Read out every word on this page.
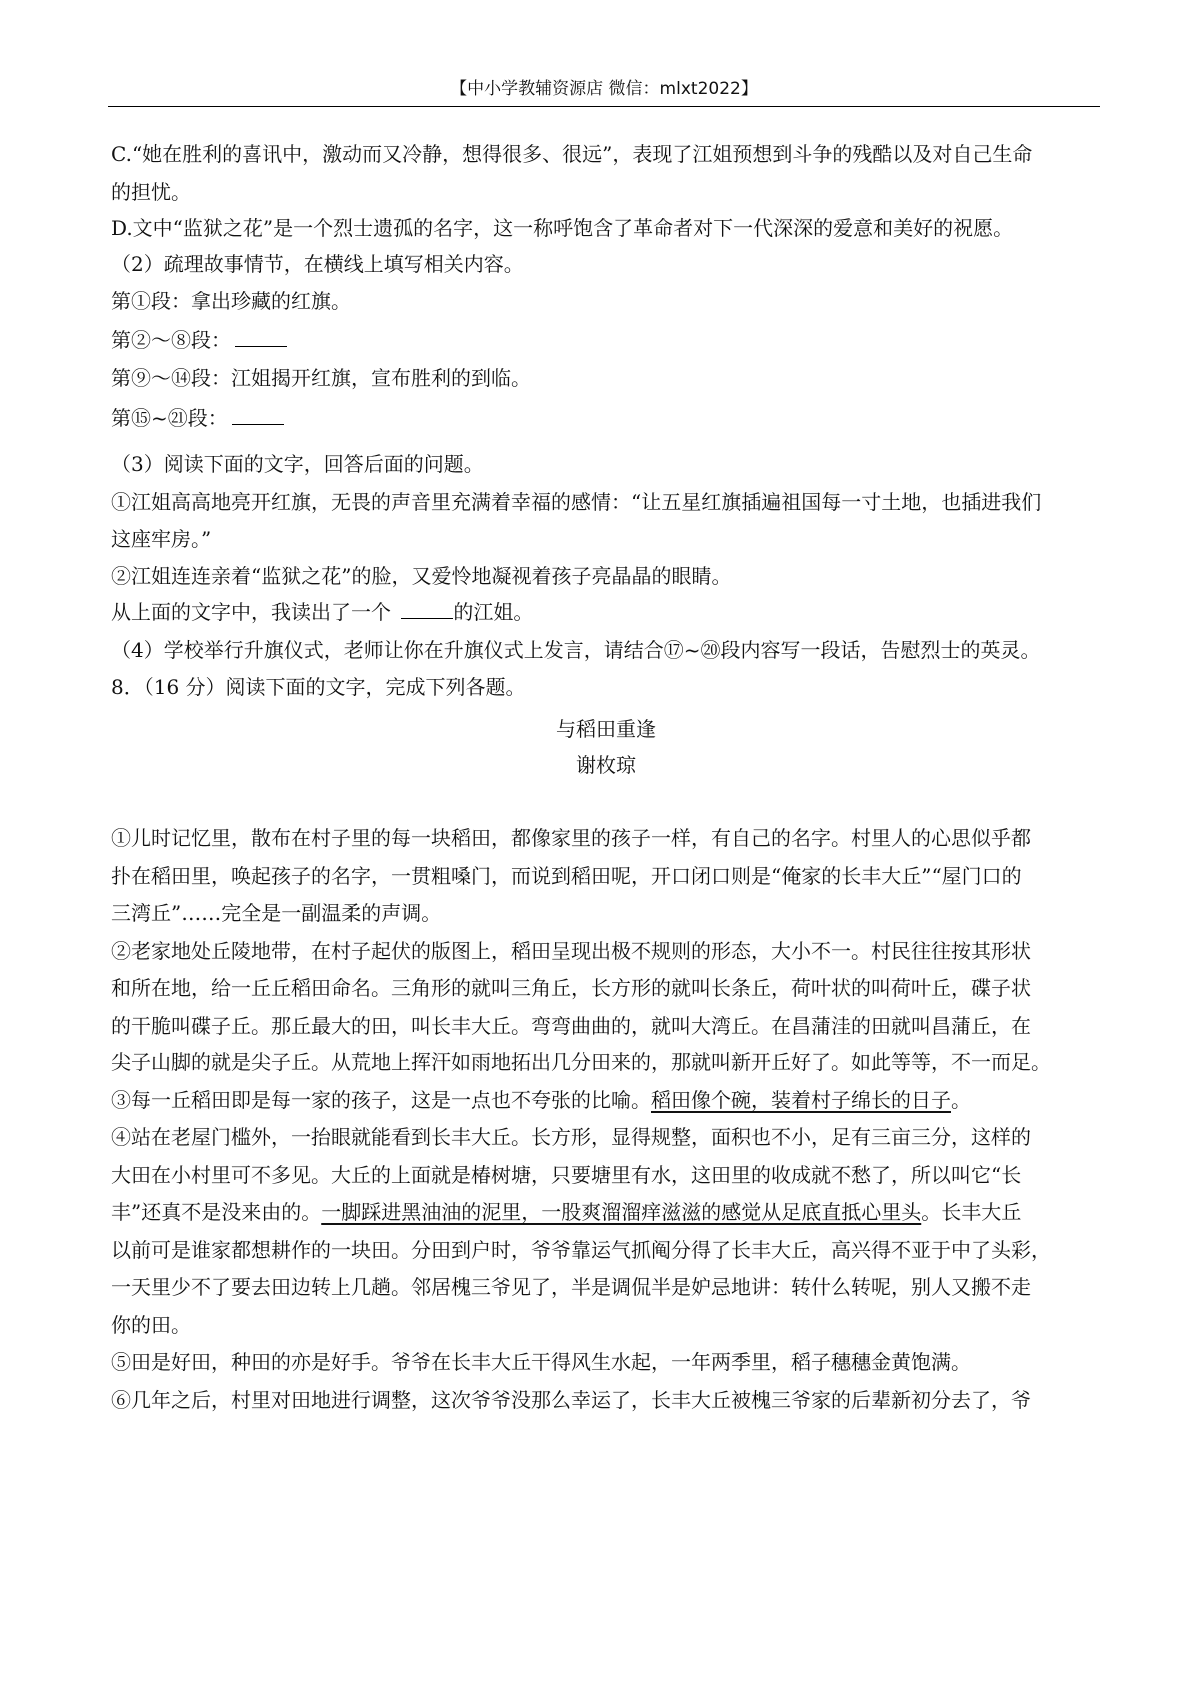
【中小学教辅资源店 微信：mlxt2022】
C.“她在胜利的喜讯中，激动而又冷静，想得很多、很远”，表现了江姐预想到斗争的残酷以及对自己生命
的担忧。
D.文中“监狱之花”是一个烈士遗孤的名字，这一称呼饱含了革命者对下一代深深的爱意和美好的祝愿。
（2）疏理故事情节，在横线上填写相关内容。
第①段：拿出珍藏的红旗。
第②～⑧段：
第⑨～⑭段：江姐揭开红旗，宣布胜利的到临。
第⑮~㉑段：
（3）阅读下面的文字，回答后面的问题。
①江姐高高地亮开红旗，无畏的声音里充满着幸福的感情：“让五星红旗插遍祖国每一寸土地，也插进我们
这座牢房。”
②江姐连连亲着“监狱之花”的脸，又爱怜地凝视着孩子亮晶晶的眼睛。
从上面的文字中，我读出了一个	的江姐。
（4）学校举行升旗仪式，老师让你在升旗仪式上发言，请结合⑰~⑳段内容写一段话，告慰烈士的英灵。
8．（16 分）阅读下面的文字，完成下列各题。
与稻田重逢
谢枚琼
①儿时记忆里，散布在村子里的每一块稻田，都像家里的孩子一样，有自己的名字。村里人的心思似乎都
扑在稻田里，唤起孩子的名字，一贯粗嗓门，而说到稻田呢，开口闭口则是“俺家的长丰大丘”“屋门口的
三湾丘”……完全是一副温柔的声调。
②老家地处丘陵地带，在村子起伏的版图上，稻田呈现出极不规则的形态，大小不一。村民往往按其形状
和所在地，给一丘丘稻田命名。三角形的就叫三角丘，长方形的就叫长条丘，荷叶状的叫荷叶丘，碟子状
的干脆叫碟子丘。那丘最大的田，叫长丰大丘。弯弯曲曲的，就叫大湾丘。在昌蒲洼的田就叫昌蒲丘，在
尖子山脚的就是尖子丘。从荒地上挥汗如雨地拓出几分田来的，那就叫新开丘好了。如此等等，不一而足。
③每一丘稻田即是每一家的孩子，这是一点也不夸张的比喻。稻田像个碗，装着村子绵长的日子。
④站在老屋门槛外，一抬眼就能看到长丰大丘。长方形，显得规整，面积也不小，足有三亩三分，这样的
大田在小村里可不多见。大丘的上面就是椿树塘，只要塘里有水，这田里的收成就不愁了，所以叫它“长
丰”还真不是没来由的。一脚踩进黑油油的泥里，一股爽溜溜痒滋滋的感觉从足底直抵心里头。长丰大丘
以前可是谁家都想耕作的一块田。分田到户时，爷爷靠运气抓阄分得了长丰大丘，高兴得不亚于中了头彩，
一天里少不了要去田边转上几趟。邻居槐三爷见了，半是调侃半是妒忌地讲：转什么转呢，别人又搬不走
你的田。
⑤田是好田，种田的亦是好手。爷爷在长丰大丘干得风生水起，一年两季里，稻子穗穗金黄饱满。
⑥几年之后，村里对田地进行调整，这次爷爷没那么幸运了，长丰大丘被槐三爷家的后辈新初分去了，爷
